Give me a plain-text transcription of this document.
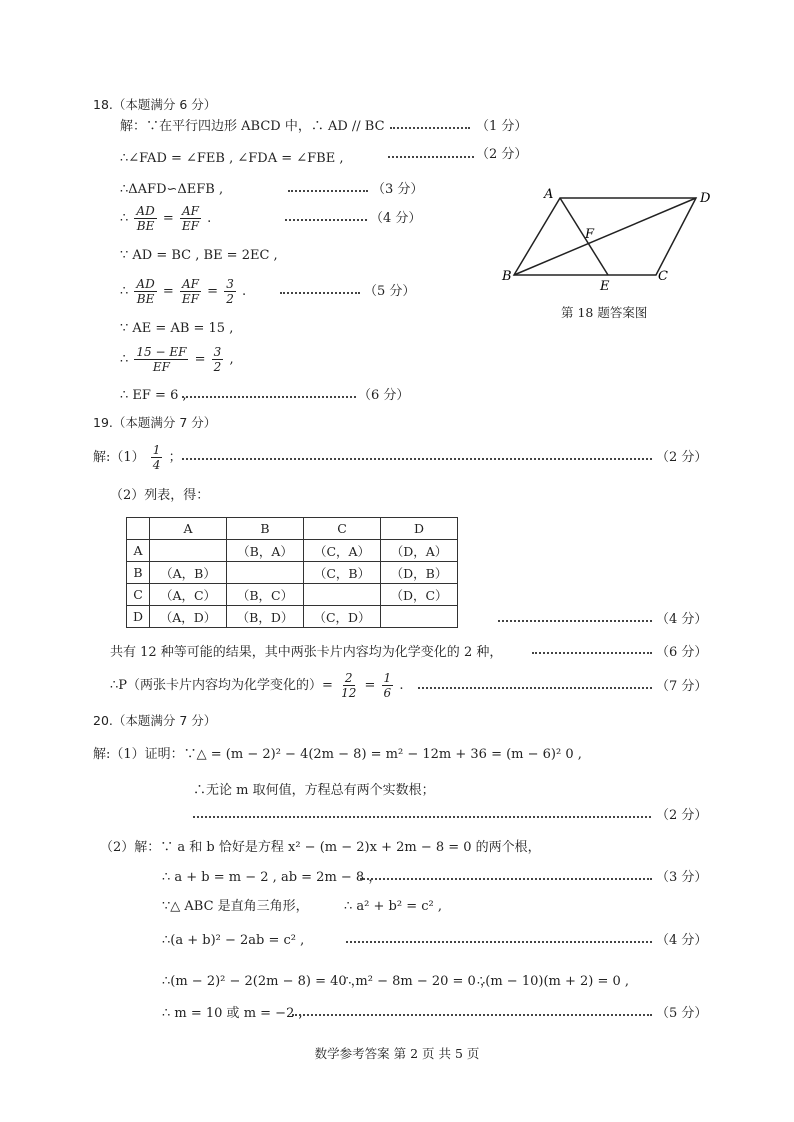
18.（本题满分 6 分）
解：∵在平行四边形 ABCD 中，∴ AD // BC	（1 分）
∴∠FAD = ∠FEB , ∠FDA = ∠FBE ,	（2 分）
∴ΔAFD∽ΔEFB ,	（3 分）
∴ $\frac{AD}{BE} = \frac{AF}{EF}$ .	（4 分）
∵ AD = BC , BE = 2EC ,
∴ $\frac{AD}{BE} = \frac{AF}{EF} = \frac{3}{2}$ .	（5 分）
∵ AE = AB = 15 ,
∴ $\frac{15 - EF}{EF} = \frac{3}{2}$ ,
∴ EF = 6 ,	（6 分）
A	D
F
B
E
C
第 18 题答案图
19.（本题满分 7 分）
解:（1） $\frac{1}{4}$ ；	（2 分）
（2）列表，得：
	A	B	C	D
A		（B，A）	（C，A）	（D，A）
B	（A，B）		（C，B）	（D，B）
C	（A，C）	（B，C）		（D，C）
D	（A，D）	（B，D）	（C，D）		（4 分）
共有 12 种等可能的结果，其中两张卡片内容均为化学变化的 2 种，	（6 分）
∴P（两张卡片内容均为化学变化的）= $\frac{2}{12} = \frac{1}{6}$ .	（7 分）
20.（本题满分 7 分）
解:（1）证明：∵△ = (m − 2)² − 4(2m − 8) = m² − 12m + 36 = (m − 6)² 0 ,
∴无论 m 取何值，方程总有两个实数根；
（2 分）
（2）解：∵ a 和 b 恰好是方程 x² − (m − 2)x + 2m − 8 = 0 的两个根，
∴ a + b = m − 2 , ab = 2m − 8 ，	（3 分）
∵△ ABC 是直角三角形，	∴ a² + b² = c² ,
∴(a + b)² − 2ab = c² ,	（4 分）
∴(m − 2)² − 2(2m − 8) = 40 ，
∴ m² − 8m − 20 = 0 ，
∴(m − 10)(m + 2) = 0 ,
∴ m = 10 或 m = −2 ,	（5 分）
数学参考答案 第 2 页 共 5 页
